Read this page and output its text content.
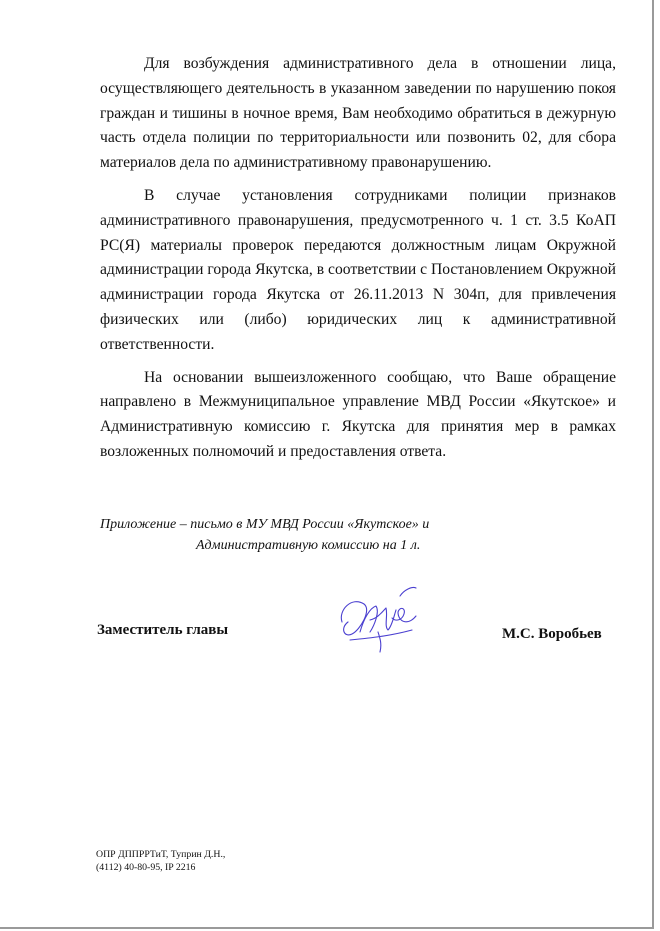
Для возбуждения административного дела в отношении лица, осуществляющего деятельность в указанном заведении по нарушению покоя граждан и тишины в ночное время, Вам необходимо обратиться в дежурную часть отдела полиции по территориальности или позвонить 02, для сбора материалов дела по административному правонарушению.

В случае установления сотрудниками полиции признаков административного правонарушения, предусмотренного ч. 1 ст. 3.5 КоАП РС(Я) материалы проверок передаются должностным лицам Окружной администрации города Якутска, в соответствии с Постановлением Окружной администрации города Якутска от 26.11.2013 N 304п, для привлечения физических или (либо) юридических лиц к административной ответственности.

На основании вышеизложенного сообщаю, что Ваше обращение направлено в Межмуниципальное управление МВД России «Якутское» и Административную комиссию г. Якутска для принятия мер в рамках возложенных полномочий и предоставления ответа.

Приложение – письмо в МУ МВД России «Якутское» и
Административную комиссию на 1 л.
Заместитель главы	М.С. Воробьев
ОПР ДППРРТиТ, Туприн Д.Н.,
(4112) 40-80-95, IP 2216
